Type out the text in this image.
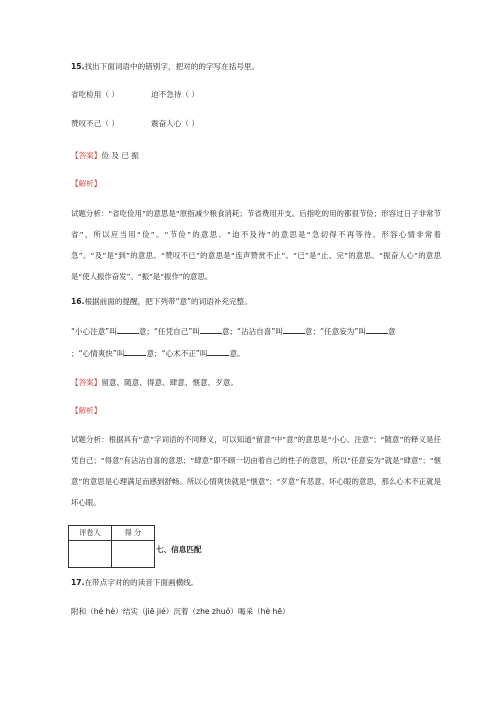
15.找出下面词语中的错别字，把对的的字写在括号里。
省吃检用（ ）	迫不急待（ ）
赞叹不己（ ）	震奋人心（ ）
【答案】俭 及 已 振
【解析】
试题分析：“省吃俭用”的意思是“原指减少粮食消耗；节省费用开支。后指吃的用的都很节俭；形容过日子非常节省”，所以应当用“俭”。“节俭”的意思、“迫不及待”的意思是“急切得不再等待。形容心情非常着急”。“及”是“到”的意思。“赞叹不已”的意思是“连声赞赏不止”。“已”是“止、完”的意思。“振奋人心”的意思是“使人振作奋发”。“振”是“振作”的意思。
16.根据前面的提醒，把下列带“意”的词语补充完整。
“小心注意”叫	意；“任凭自己”叫	意；“沾沾自喜”叫	意；“任意妄为”叫	意
；“心情爽快”叫	意；“心术不正”叫	意。
【答案】留意、随意、得意、肆意、惬意、歹意。
【解析】
试题分析：根据具有“意”字词语的不同释义，可以知道“留意”中“意”的意思是“小心、注意”；“随意”的释义是任凭自己；“得意”有沾沾自喜的意思；“肆意”即不顾一切由着自己的性子的意思，所以“任意妄为”就是“肆意”；“惬意”的意思是心理满足而感到舒畅。所以心情爽快就是“惬意”；“歹意”有恶意、坏心眼的意思，那么心术不正就是坏心眼。
评卷人	得 分

七、信息匹配
17.在带点字对的的读音下面画横线。
附和（hé hè）结实（jiē jié）沉着（zhe zhuó）喝采（hè hē）
